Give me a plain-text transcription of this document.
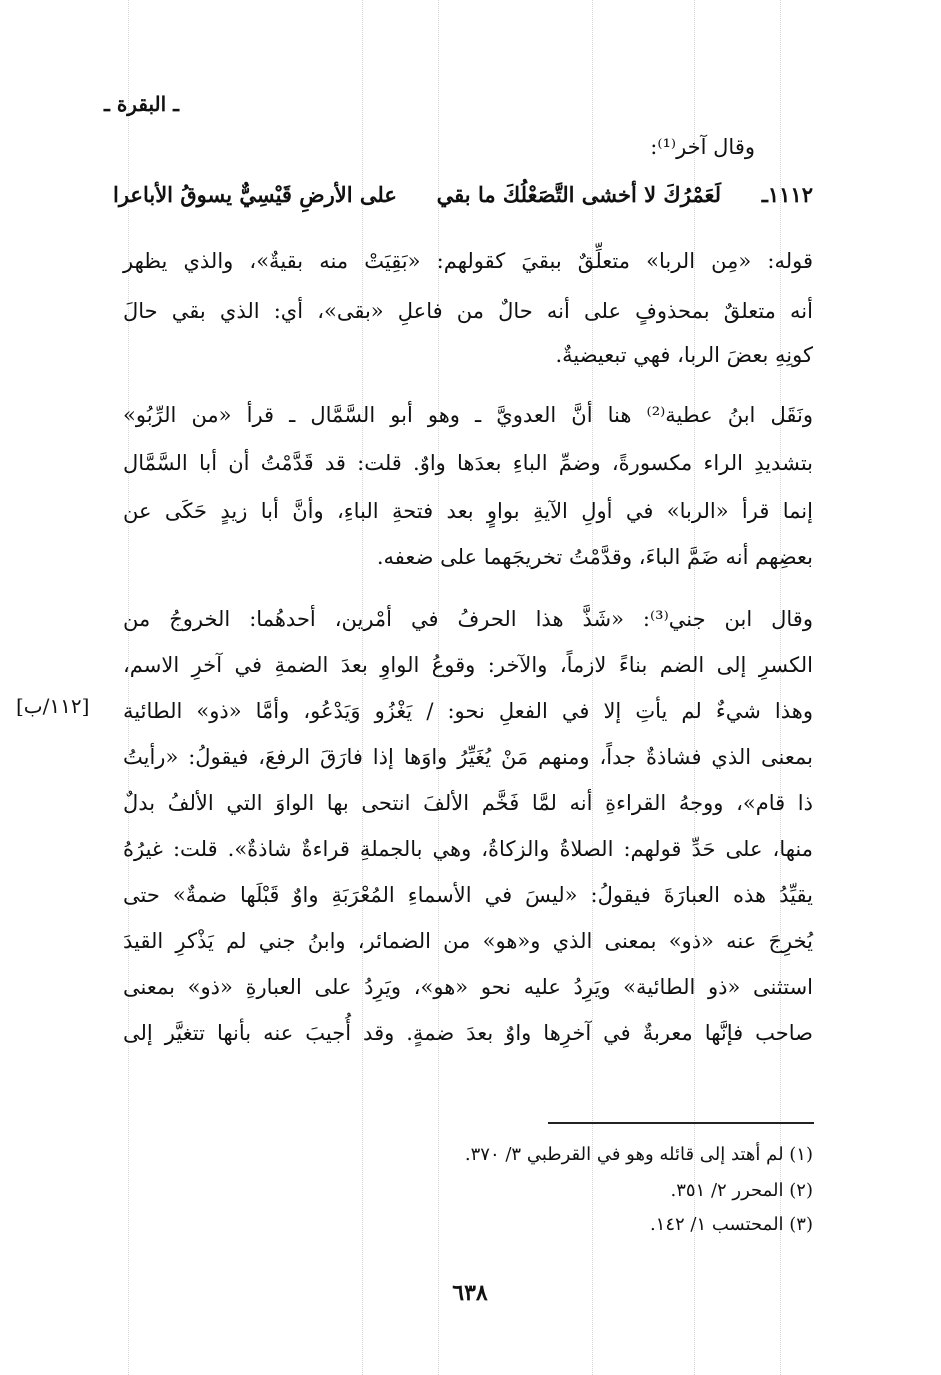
ـ البقرة ـ
وقال آخر⁽¹⁾:
١١١٢ـ
لَعَمْرُكَ لا أخشى التَّصَعْلُكَ ما بقي
على الأرضِ قَيْسِيٌّ يسوقُ الأباعرا
قوله: «مِن الربا» متعلِّقٌ ببقيَ كقولهم: «بَقِيَتْ منه بقيةٌ»، والذي يظهر
أنه متعلقٌ بمحذوفٍ على أنه حالٌ من فاعلِ «بقى»، أي: الذي بقي حالَ
كونِهِ بعضَ الربا، فهي تبعيضيةٌ.
ونَقَل ابنُ عطية⁽²⁾ هنا أنَّ العدويَّ ـ وهو أبو السَّمَّال ـ قرأ «من الرِّبُو»
بتشديدِ الراء مكسورةً، وضمِّ الباءِ بعدَها واوٌ. قلت: قد قَدَّمْتُ أن أبا السَّمَّال
إنما قرأ «الربا» في أولِ الآيةِ بواوٍ بعد فتحةِ الباءِ، وأنَّ أبا زيدٍ حَكَى عن
بعضِهم أنه ضَمَّ الباءَ، وقدَّمْتُ تخريجَهما على ضعفه.
وقال ابن جني⁽³⁾: «شَذَّ هذا الحرفُ في أمْرين، أحدهُما: الخروجُ من
الكسرِ إلى الضم بناءً لازماً، والآخر: وقوعُ الواوِ بعدَ الضمةِ في آخرِ الاسم،
وهذا شيءٌ لم يأتِ إلا في الفعلِ نحو: / يَغْزُو وَيَدْعُو، وأمَّا «ذو» الطائية
بمعنى الذي فشاذةٌ جداً، ومنهم مَنْ يُغَيِّرُ واوَها إذا فارَقَ الرفعَ، فيقولُ: «رأيتُ
ذا قام»، ووجهُ القراءةِ أنه لمَّا فَخَّم الألفَ انتحى بها الواوَ التي الألفُ بدلٌ
منها، على حَدِّ قولهم: الصلاةُ والزكاةُ، وهي بالجملةِ قراءةٌ شاذةٌ». قلت: غيرُهُ
يقيِّدُ هذه العبارَةَ فيقولُ: «ليسَ في الأسماءِ المُعْرَبَةِ واوٌ قَبْلَها ضمةٌ» حتى
يُخرِجَ عنه «ذو» بمعنى الذي و«هو» من الضمائر، وابنُ جني لم يَذْكرِ القيدَ
استثنى «ذو الطائية» ويَرِدُ عليه نحو «هو»، ويَرِدُ على العبارةِ «ذو» بمعنى
صاحب فإنَّها معربةٌ في آخرِها واوٌ بعدَ ضمةٍ. وقد أُجيبَ عنه بأنها تتغيَّر إلى
[١١٢/ب]
(١) لم أهتد إلى قائله وهو في القرطبي ٣/ ٣٧٠.
(٢) المحرر ٢/ ٣٥١.
(٣) المحتسب ١/ ١٤٢.
٦٣٨
